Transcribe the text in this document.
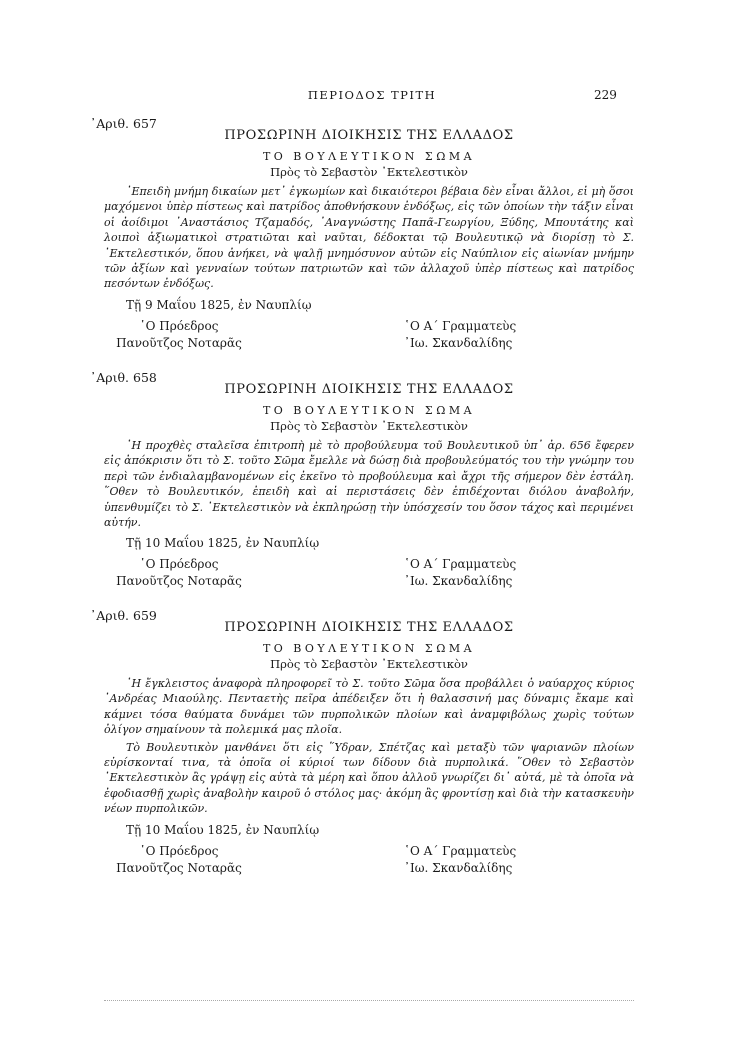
ΠΕΡΙΟΔΟΣ ΤΡΙΤΗ	229
᾿Αριθ. 657
ΠΡΟΣΩΡΙΝΗ ΔΙΟΙΚΗΣΙΣ ΤΗΣ ΕΛΛΑΔΟΣ
ΤΟ ΒΟΥΛΕΥΤΙΚΟΝ ΣΩΜΑ
Πρὸς τὸ Σεβαστὸν ᾿Εκτελεστικὸν

᾿Επειδὴ μνήμη δικαίων μετ᾿ ἐγκωμίων καὶ δικαιότεροι βέβαια δὲν εἶναι ἄλλοι, εἰ μὴ ὅσοι μαχόμενοι ὑπὲρ πίστεως καὶ πατρίδος ἀποθνήσκουν ἐνδόξως, εἰς τῶν ὁποίων τὴν τάξιν εἶναι οἱ ἀοίδιμοι ᾿Αναστάσιος Τζαμαδός, ᾿Αναγνώστης Παπᾶ-Γεωργίου, Ξύδης, Μπουτάτης καὶ λοιποὶ ἀξιωματικοὶ στρατιῶται καὶ ναῦται, δέδοκται τῷ Βουλευτικῷ νὰ διορίσῃ τὸ Σ. ᾿Εκτελεστικόν, ὅπου ἀνήκει, νὰ ψαλῇ μνημόσυνον αὐτῶν εἰς Ναύπλιον εἰς αἰωνίαν μνήμην τῶν ἀξίων καὶ γενναίων τούτων πατριωτῶν καὶ τῶν ἀλλαχοῦ ὑπὲρ πίστεως καὶ πατρίδος πεσόντων ἐνδόξως.

Τῇ 9 Μαΐου 1825, ἐν Ναυπλίῳ
῾Ο Πρόεδρος
Πανοῦτζος Νοταρᾶς
῾Ο Α΄ Γραμματεὺς
᾿Ιω. Σκανδαλίδης
᾿Αριθ. 658
ΠΡΟΣΩΡΙΝΗ ΔΙΟΙΚΗΣΙΣ ΤΗΣ ΕΛΛΑΔΟΣ
ΤΟ ΒΟΥΛΕΥΤΙΚΟΝ ΣΩΜΑ
Πρὸς τὸ Σεβαστὸν ᾿Εκτελεστικὸν

῾Η προχθὲς σταλεῖσα ἐπιτροπὴ μὲ τὸ προβούλευμα τοῦ Βουλευτικοῦ ὑπ᾿ ἀρ. 656 ἔφερεν εἰς ἀπόκρισιν ὅτι τὸ Σ. τοῦτο Σῶμα ἔμελλε νὰ δώσῃ διὰ προβουλεύματός του τὴν γνώμην του περὶ τῶν ἐνδιαλαμβανομένων εἰς ἐκεῖνο τὸ προβούλευμα καὶ ἄχρι τῆς σήμερον δὲν ἐστάλη. ῞Οθεν τὸ Βουλευτικόν, ἐπειδὴ καὶ αἱ περιστάσεις δὲν ἐπιδέχονται διόλου ἀναβολήν, ὑπενθυμίζει τὸ Σ. ᾿Εκτελεστικὸν νὰ ἐκπληρώσῃ τὴν ὑπόσχεσίν του ὅσον τάχος καὶ περιμένει αὐτήν.

Τῇ 10 Μαΐου 1825, ἐν Ναυπλίῳ
῾Ο Πρόεδρος
Πανοῦτζος Νοταρᾶς
῾Ο Α΄ Γραμματεὺς
᾿Ιω. Σκανδαλίδης
᾿Αριθ. 659
ΠΡΟΣΩΡΙΝΗ ΔΙΟΙΚΗΣΙΣ ΤΗΣ ΕΛΛΑΔΟΣ
ΤΟ ΒΟΥΛΕΥΤΙΚΟΝ ΣΩΜΑ
Πρὸς τὸ Σεβαστὸν ᾿Εκτελεστικὸν

῾Η ἔγκλειστος ἀναφορὰ πληροφορεῖ τὸ Σ. τοῦτο Σῶμα ὅσα προβάλλει ὁ ναύαρχος κύριος ᾿Ανδρέας Μιαούλης. Πενταετὴς πεῖρα ἀπέδειξεν ὅτι ἡ θαλασσινή μας δύναμις ἔκαμε καὶ κάμνει τόσα θαύματα δυνάμει τῶν πυρπολικῶν πλοίων καὶ ἀναμφιβόλως χωρὶς τούτων ὀλίγον σημαίνουν τὰ πολεμικά μας πλοῖα.

Τὸ Βουλευτικὸν μανθάνει ὅτι εἰς ῞Υδραν, Σπέτζας καὶ μεταξὺ τῶν ψαριανῶν πλοίων εὑρίσκονταί τινα, τὰ ὁποῖα οἱ κύριοί των δίδουν διὰ πυρπολικά. ῞Οθεν τὸ Σεβαστὸν ᾿Εκτελεστικὸν ἂς γράψῃ εἰς αὐτὰ τὰ μέρη καὶ ὅπου ἀλλοῦ γνωρίζει δι᾿ αὐτά, μὲ τὰ ὁποῖα νὰ ἐφοδιασθῇ χωρὶς ἀναβολὴν καιροῦ ὁ στόλος μας· ἀκόμη ἂς φροντίσῃ καὶ διὰ τὴν κατασκευὴν νέων πυρπολικῶν.

Τῇ 10 Μαΐου 1825, ἐν Ναυπλίῳ
῾Ο Πρόεδρος
Πανοῦτζος Νοταρᾶς
῾Ο Α΄ Γραμματεὺς
᾿Ιω. Σκανδαλίδης
